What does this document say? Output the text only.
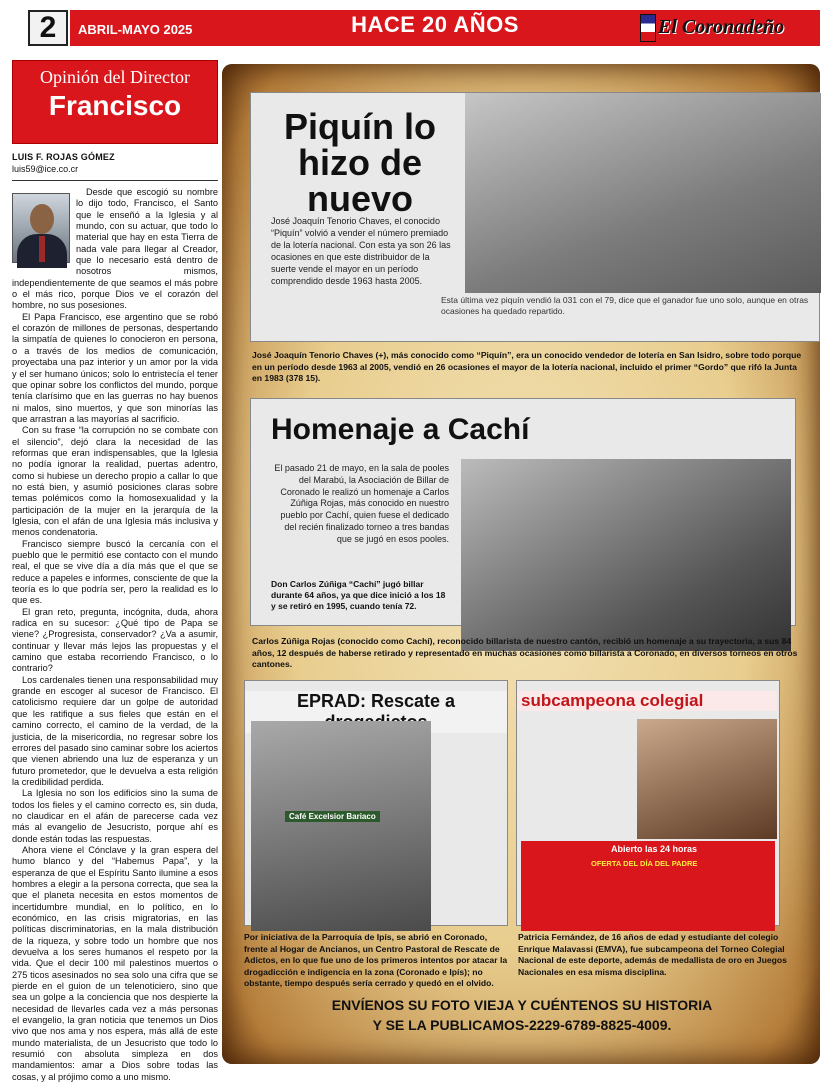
2	ABRIL-MAYO 2025	HACE 20 AÑOS	El Coronadeño
Opinión del Director
Francisco
LUIS F. ROJAS GÓMEZ
luis59@ice.co.cr

Desde que escogió su nombre lo dijo todo, Francisco, el Santo que le enseñó a la Iglesia y al mundo, con su actuar, que todo lo material que hay en esta Tierra de nada vale para llegar al Creador, que lo necesario está dentro de nosotros mismos, independientemente de que seamos el más pobre o el más rico, porque Dios ve el corazón del hombre, no sus posesiones.

El Papa Francisco, ese argentino que se robó el corazón de millones de personas, despertando la simpatía de quienes lo conocieron en persona, o a través de los medios de comunicación, proyectaba una paz interior y un amor por la vida y el ser humano únicos; solo lo entristecía el tener que opinar sobre los conflictos del mundo, porque tenía clarísimo que en las guerras no hay buenos ni malos, sino muertos, y que son minorías las que arrastran a las mayorías al sacrificio.

Con su frase “la corrupción no se combate con el silencio”, dejó clara la necesidad de las reformas que eran indispensables, que la Iglesia no podía ignorar la realidad, puertas adentro, como si hubiese un derecho propio a callar lo que no está bien, y asumió posiciones claras sobre temas polémicos como la homosexualidad y la participación de la mujer en la jerarquía de la Iglesia, con el afán de una Iglesia más inclusiva y menos condenatoria.

Francisco siempre buscó la cercanía con el pueblo que le permitió ese contacto con el mundo real, el que se vive día a día más que el que se reduce a papeles e informes, consciente de que la teoría es lo que podría ser, pero la realidad es lo que es.

El gran reto, pregunta, incógnita, duda, ahora radica en su sucesor: ¿Qué tipo de Papa se viene? ¿Progresista, conservador? ¿Va a asumir, continuar y llevar más lejos las propuestas y el camino que estaba recorriendo Francisco, o lo contrario?

Los cardenales tienen una responsabilidad muy grande en escoger al sucesor de Francisco. El catolicismo requiere dar un golpe de autoridad que les ratifique a sus fieles que están en el camino correcto, el camino de la verdad, de la justicia, de la misericordia, no regresar sobre los errores del pasado sino caminar sobre los aciertos que vienen abriendo una luz de esperanza y un futuro prometedor, que le devuelva a esta religión la credibilidad perdida.

La Iglesia no son los edificios sino la suma de todos los fieles y el camino correcto es, sin duda, no claudicar en el afán de parecerse cada vez más al evangelio de Jesucristo, porque ahí es donde están todas las respuestas.

Ahora viene el Cónclave y la gran espera del humo blanco y del “Habemus Papa”, y la esperanza de que el Espíritu Santo ilumine a esos hombres a elegir a la persona correcta, que sea la que el planeta necesita en estos momentos de incertidumbre mundial, en lo político, en lo económico, en las crisis migratorias, en las políticas discriminatorias, en la mala distribución de la riqueza, y sobre todo un hombre que nos devuelva a los seres humanos el respeto por la vida. Que el decir 100 mil palestinos muertos o 275 ticos asesinados no sea solo una cifra que se pierde en el guion de un telenoticiero, sino que sea un golpe a la conciencia que nos despierte la necesidad de llevarles cada vez a más personas el evangelio, la gran noticia que tenemos un Dios vivo que nos ama y nos espera, más allá de este mundo materialista, de un Jesucristo que todo lo resumió con absoluta simpleza en dos mandamientos: amar a Dios sobre todas las cosas, y al prójimo como a uno mismo.

Piquín lo hizo de nuevo
José Joaquín Tenorio Chaves, el conocido “Piquín” volvió a vender el número premiado de la lotería nacional. Con esta ya son 26 las ocasiones en que este distribuidor de la suerte vende el mayor en un período comprendido desde 1963 hasta 2005.
Esta última vez piquín vendió la 031 con el 79, dice que el ganador fue uno solo, aunque en otras ocasiones ha quedado repartido.
José Joaquín Tenorio Chaves (+), más conocido como “Piquín”, era un conocido vendedor de lotería en San Isidro, sobre todo porque en un período desde 1963 al 2005, vendió en 26 ocasiones el mayor de la lotería nacional, incluido el primer “Gordo” que rifó la Junta en 1983 (378 15).
Homenaje a Cachí
El pasado 21 de mayo, en la sala de pooles del Marabú, la Asociación de Billar de Coronado le realizó un homenaje a Carlos Zúñiga Rojas, más conocido en nuestro pueblo por Cachí, quien fuese el dedicado del recién finalizado torneo a tres bandas que se jugó en esos pooles.
Don Carlos Zúñiga “Cachí” jugó billar durante 64 años, ya que dice inició a los 18 y se retiró en 1995, cuando tenía 72.
Carlos Zúñiga Rojas (conocido como Cachí), reconocido billarista de nuestro cantón, recibió un homenaje a su trayectoria, a sus 84 años, 12 después de haberse retirado y representado en muchas ocasiones como billarista a Coronado, en diversos torneos en otros cantones.
EPRAD: Rescate a
Café Excelsior Bariaco
Por iniciativa de la Parroquia de Ipís, se abrió en Coronado, frente al Hogar de Ancianos, un Centro Pastoral de Rescate de Adictos, en lo que fue uno de los primeros intentos por atacar la drogadicción e indigencia en la zona (Coronado e Ipís); no obstante, tiempo después sería cerrado y quedó en el olvido.
subcampeona colegial
Abierto las 24 horas
OFERTA DEL DÍA DEL PADRE
Patricia Fernández, de 16 años de edad y estudiante del colegio Enrique Malavassi (EMVA), fue subcampeona del Torneo Colegial Nacional de este deporte, además de medallista de oro en Juegos Nacionales en esa misma disciplina.
ENVÍENOS SU FOTO VIEJA Y CUÉNTENOS SU HISTORIA
Y SE LA PUBLICAMOS-2229-6789-8825-4009.
